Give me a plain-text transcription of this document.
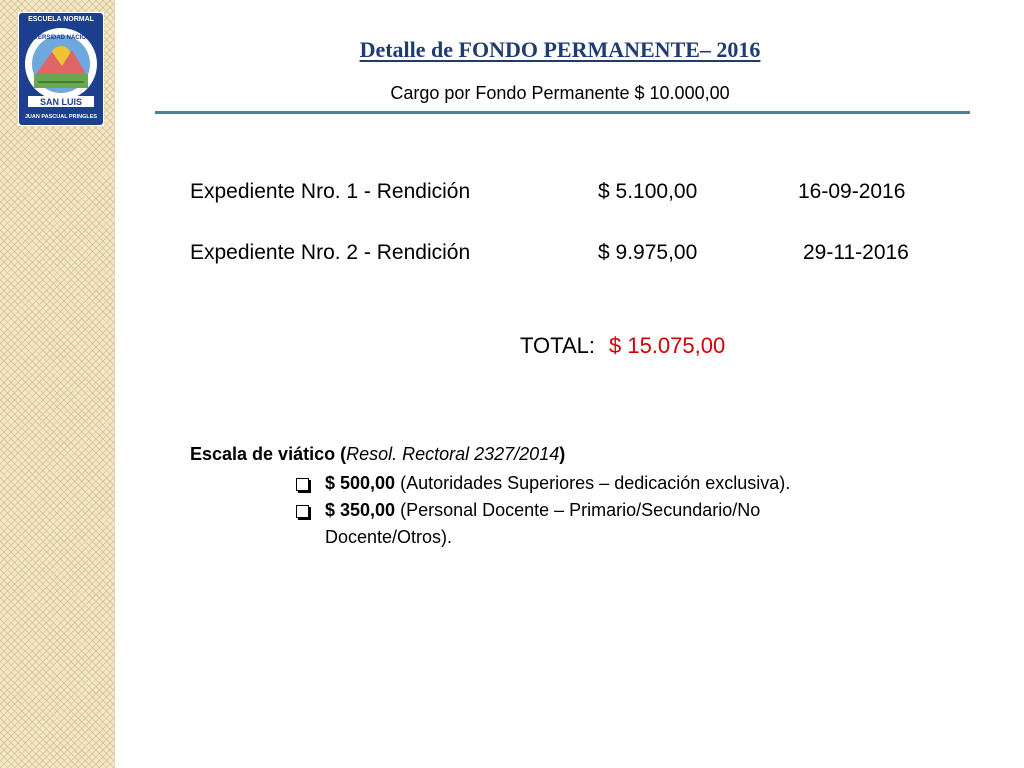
ESCUELA NORMAL
UNIVERSIDAD NACIONAL
SAN LUIS
JUAN PASCUAL PRINGLES
Detalle de FONDO PERMANENTE– 2016
Cargo por Fondo Permanente $ 10.000,00
Expediente Nro. 1 - Rendición	$ 5.100,00	16-09-2016
Expediente Nro. 2 - Rendición	$ 9.975,00	29-11-2016
TOTAL: $ 15.075,00
Escala de viático (Resol. Rectoral 2327/2014)
$ 500,00 (Autoridades Superiores – dedicación exclusiva).
$ 350,00 (Personal Docente – Primario/Secundario/No
Docente/Otros).
